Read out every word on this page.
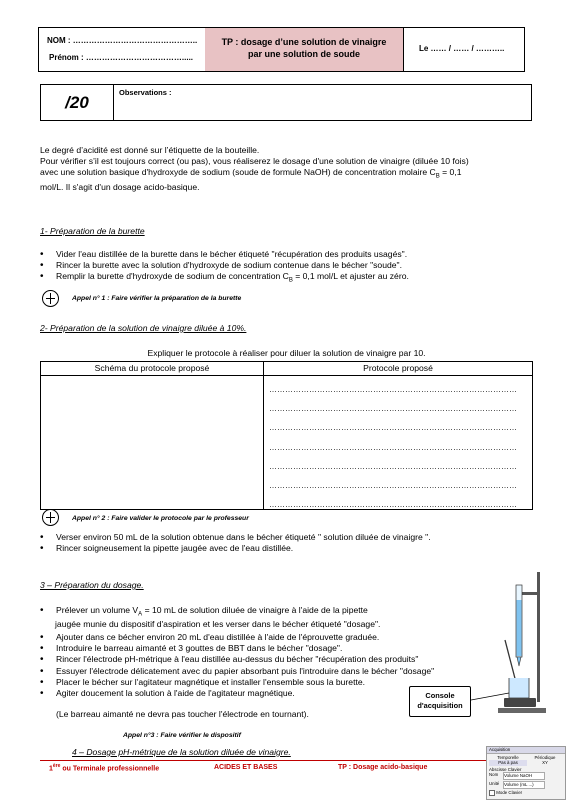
NOM : ………………………………………..
Prénom : ……………………………….....
TP : dosage d’une solution de vinaigre
par une solution de soude
Le …… / …… / ………..
/20
Observations :
Le degré d’acidité est donné sur l’étiquette de la bouteille.
Pour vérifier s’il est toujours correct (ou pas), vous réaliserez le dosage d'une solution de vinaigre (diluée 10 fois)
avec une solution basique d'hydroxyde de sodium (soude de formule NaOH) de concentration molaire $C_B = 0,1$
mol/L. Il s'agit d'un dosage acido-basique.
1- Préparation de la burette
• Vider l'eau distillée de la burette dans le bécher étiqueté "récupération des produits usagés".
• Rincer la burette avec la solution d'hydroxyde de sodium contenue dans le bécher "soude".
• Remplir la burette d'hydroxyde de sodium de concentration $C_B = 0,1$ mol/L et ajuster au zéro.
Appel n° 1 : Faire vérifier la préparation de la burette
2- Préparation de la solution de vinaigre diluée à 10%.
Expliquer le protocole à réaliser pour diluer la solution de vinaigre par 10.
Schéma du protocole proposé	Protocole proposé
…………………………………………………………………………………
…………………………………………………………………………………
…………………………………………………………………………………
…………………………………………………………………………………
…………………………………………………………………………………
…………………………………………………………………………………
…………………………………………………………………………………
Appel n° 2 : Faire valider le protocole par le professeur
• Verser environ 50 mL de la solution obtenue dans le bécher étiqueté " solution diluée de vinaigre ".
• Rincer soigneusement la pipette jaugée avec de l'eau distillée.
3 – Préparation du dosage.
• Prélever un volume $V_A = 10$ mL de solution diluée de vinaigre à l'aide de la pipette
jaugée munie du dispositif d'aspiration et les verser dans le bécher étiqueté "dosage".
• Ajouter dans ce bécher environ 20 mL d'eau distillée à l'aide de l'éprouvette graduée.
• Introduire le barreau aimanté et 3 gouttes de BBT dans le bécher "dosage".
• Rincer l'électrode pH-métrique à l'eau distillée au-dessus du bécher "récupération des produits"
• Essuyer l'électrode délicatement avec du papier absorbant puis l'introduire dans le bécher "dosage"
• Placer le bécher sur l'agitateur magnétique et installer l'ensemble sous la burette.
• Agiter doucement la solution à l'aide de l'agitateur magnétique.
(Le barreau aimanté ne devra pas toucher l'électrode en tournant).
Console
d'acquisition
Appel n°3 : Faire vérifier le dispositif
4 – Dosage pH-métrique de la solution diluée de vinaigre.	Acquisition
Temporelle	Périodique
Pas à pas	XY
Abscisse Clavier
Nom	Volume NaOH
Unité	Volume (mL ...)
Mode Clavier
1ère ou Terminale professionnelle	ACIDES ET BASES	TP : Dosage acido-basique
